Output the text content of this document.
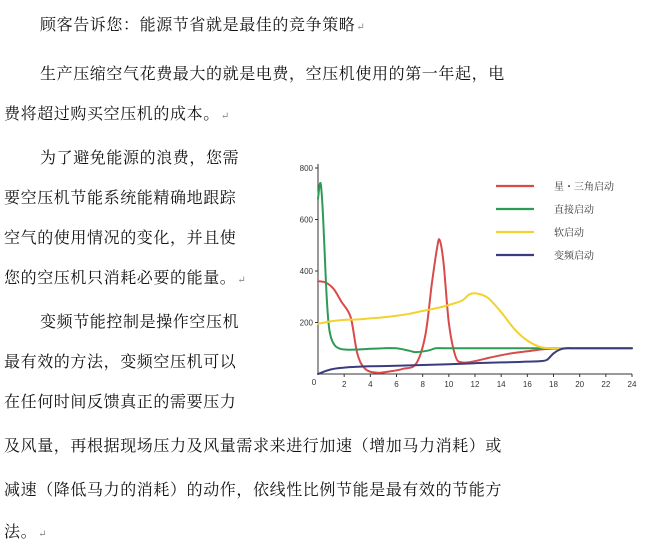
顾客告诉您：能源节省就是最佳的竞争策略↵
生产压缩空气花费最大的就是电费，空压机使用的第一年起，电
费将超过购买空压机的成本。↵
为了避免能源的浪费，您需
要空压机节能系统能精确地跟踪
空气的使用情况的变化，并且使
您的空压机只消耗必要的能量。↵
变频节能控制是操作空压机
最有效的方法，变频空压机可以
在任何时间反馈真正的需要压力
及风量，再根据现场压力及风量需求来进行加速（增加马力消耗）或
减速（降低马力的消耗）的动作，依线性比例节能是最有效的节能方
法。↵
200
400
600
800
0	2	4	6	8 10 12 14 16 18 20 22 24
星・三角启动
直接启动
软启动
变频启动
